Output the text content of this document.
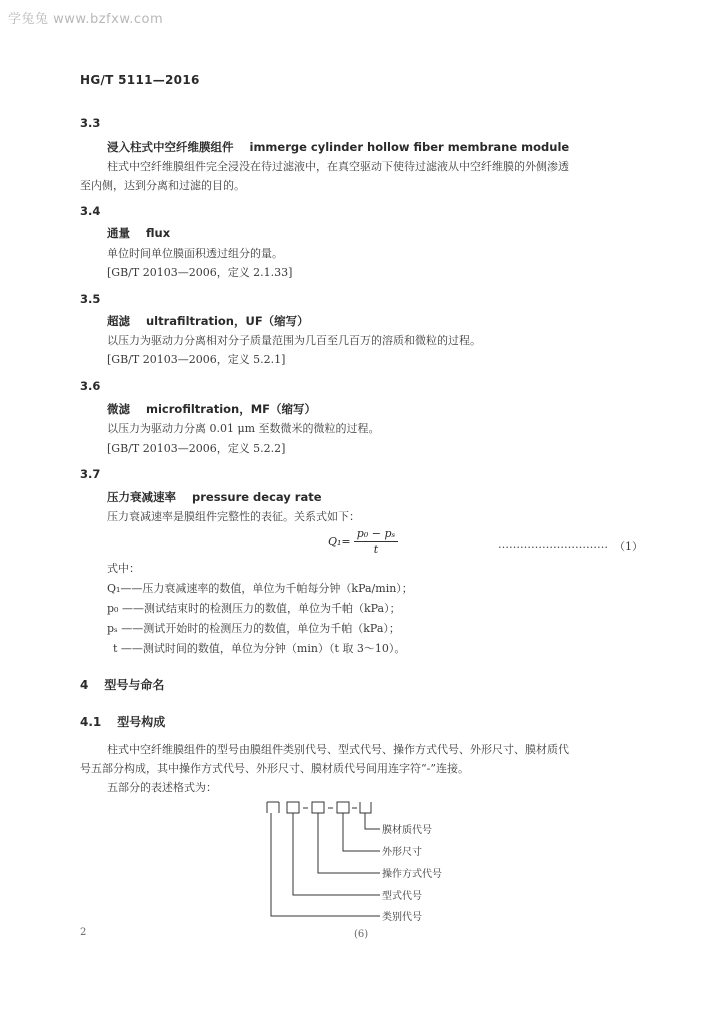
学兔兔 www.bzfxw.com
HG/T 5111—2016
3.3
浸入柱式中空纤维膜组件 immerge cylinder hollow fiber membrane module
柱式中空纤维膜组件完全浸没在待过滤液中，在真空驱动下使待过滤液从中空纤维膜的外侧渗透
至内侧，达到分离和过滤的目的。
3.4
通量 flux
单位时间单位膜面积透过组分的量。
[GB/T 20103—2006，定义 2.1.33]
3.5
超滤 ultrafiltration，UF（缩写）
以压力为驱动力分离相对分子质量范围为几百至几百万的溶质和微粒的过程。
[GB/T 20103—2006，定义 5.2.1]
3.6
微滤 microfiltration，MF（缩写）
以压力为驱动力分离 0.01 μm 至数微米的微粒的过程。
[GB/T 20103—2006，定义 5.2.2]
3.7
压力衰减速率 pressure decay rate
压力衰减速率是膜组件完整性的表征。关系式如下：
Q₁=
p₀ − pₛ
t	………………………… （1）
式中：
Q₁——压力衰减速率的数值，单位为千帕每分钟（kPa/min）；
p₀ ——测试结束时的检测压力的数值，单位为千帕（kPa）；
pₛ ——测试开始时的检测压力的数值，单位为千帕（kPa）；
t ——测试时间的数值，单位为分钟（min）（t 取 3～10）。
4 型号与命名
4.1 型号构成
柱式中空纤维膜组件的型号由膜组件类别代号、型式代号、操作方式代号、外形尺寸、膜材质代
号五部分构成，其中操作方式代号、外形尺寸、膜材质代号间用连字符“-”连接。
五部分的表述格式为：
膜材质代号
外形尺寸
操作方式代号
型式代号
类别代号
2	(6)
